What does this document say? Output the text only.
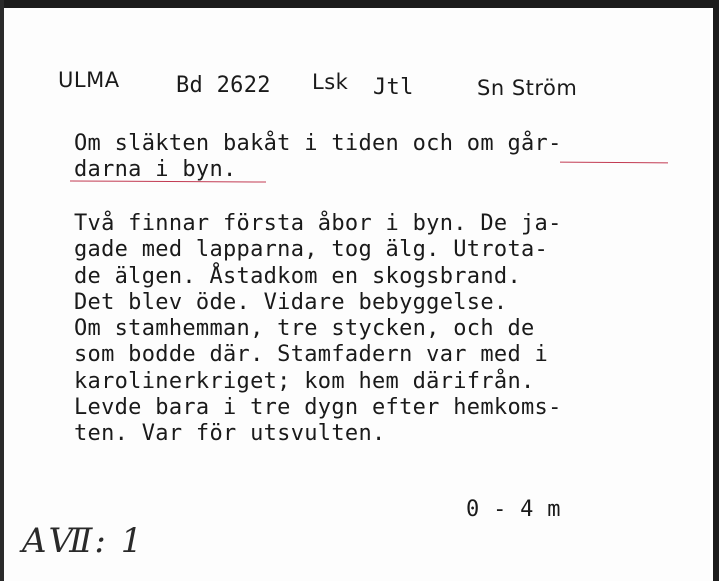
ULMA	Bd 2622 Lsk Jtl	Sn Ström
Om släkten bakåt i tiden och om går-
darna i byn.
Två finnar första åbor i byn. De ja-
gade med lapparna, tog älg. Utrota-
de älgen. Åstadkom en skogsbrand.
Det blev öde. Vidare bebyggelse.
Om stamhemman, tre stycken, och de
som bodde där. Stamfadern var med i
karolinerkriget; kom hem därifrån.
Levde bara i tre dygn efter hemkoms-
ten. Var för utsvulten.
0 - 4 m
AⅦ: 1
